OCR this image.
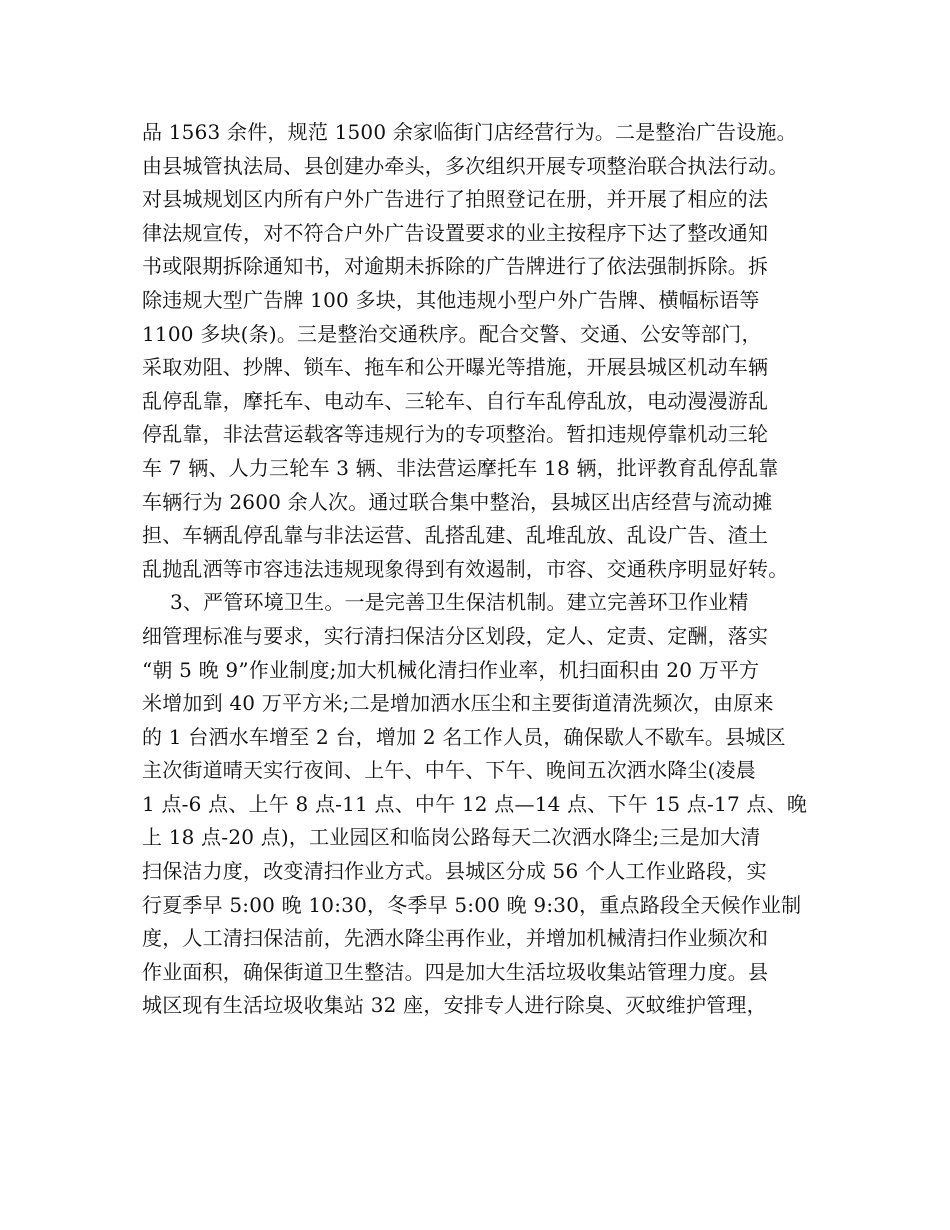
品 1563 余件，规范 1500 余家临街门店经营行为。二是整治广告设施。
由县城管执法局、县创建办牵头，多次组织开展专项整治联合执法行动。
对县城规划区内所有户外广告进行了拍照登记在册，并开展了相应的法
律法规宣传，对不符合户外广告设置要求的业主按程序下达了整改通知
书或限期拆除通知书，对逾期未拆除的广告牌进行了依法强制拆除。拆
除违规大型广告牌 100 多块，其他违规小型户外广告牌、横幅标语等
1100 多块(条)。三是整治交通秩序。配合交警、交通、公安等部门，
采取劝阻、抄牌、锁车、拖车和公开曝光等措施，开展县城区机动车辆
乱停乱靠，摩托车、电动车、三轮车、自行车乱停乱放，电动漫漫游乱
停乱靠，非法营运载客等违规行为的专项整治。暂扣违规停靠机动三轮
车 7 辆、人力三轮车 3 辆、非法营运摩托车 18 辆，批评教育乱停乱靠
车辆行为 2600 余人次。通过联合集中整治，县城区出店经营与流动摊
担、车辆乱停乱靠与非法运营、乱搭乱建、乱堆乱放、乱设广告、渣土
乱抛乱洒等市容违法违规现象得到有效遏制，市容、交通秩序明显好转。
3、严管环境卫生。一是完善卫生保洁机制。建立完善环卫作业精
细管理标准与要求，实行清扫保洁分区划段，定人、定责、定酬，落实
“朝 5 晚 9”作业制度;加大机械化清扫作业率，机扫面积由 20 万平方
米增加到 40 万平方米;二是增加洒水压尘和主要街道清洗频次，由原来
的 1 台洒水车增至 2 台，增加 2 名工作人员，确保歇人不歇车。县城区
主次街道晴天实行夜间、上午、中午、下午、晚间五次洒水降尘(凌晨
1 点-6 点、上午 8 点-11 点、中午 12 点—14 点、下午 15 点-17 点、晚
上 18 点-20 点)，工业园区和临岗公路每天二次洒水降尘;三是加大清
扫保洁力度，改变清扫作业方式。县城区分成 56 个人工作业路段，实
行夏季早 5:00 晚 10:30，冬季早 5:00 晚 9:30，重点路段全天候作业制
度，人工清扫保洁前，先洒水降尘再作业，并增加机械清扫作业频次和
作业面积，确保街道卫生整洁。四是加大生活垃圾收集站管理力度。县
城区现有生活垃圾收集站 32 座，安排专人进行除臭、灭蚊维护管理，
